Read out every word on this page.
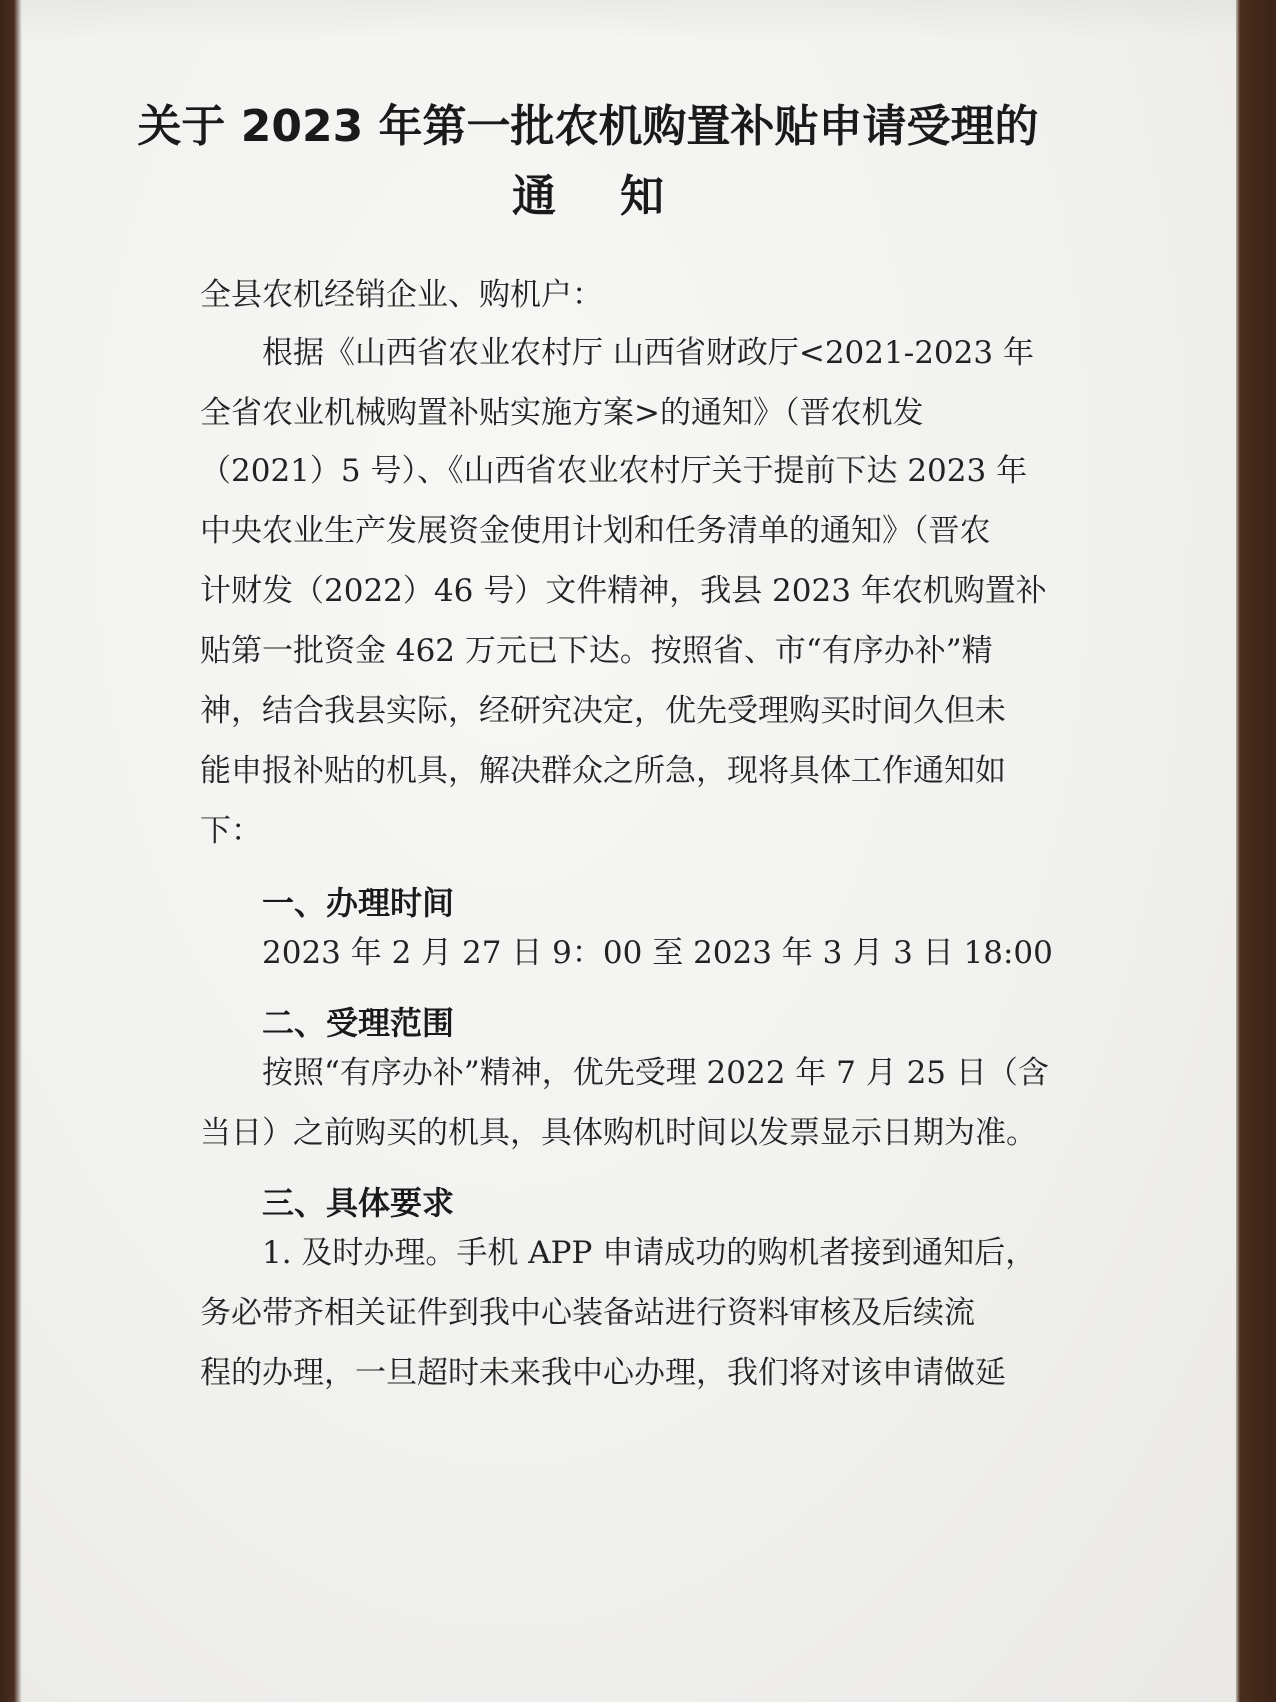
关于 2023 年第一批农机购置补贴申请受理的
通知
全县农机经销企业、购机户：
根据《山西省农业农村厅 山西省财政厅<2021-2023 年
全省农业机械购置补贴实施方案>的通知》（晋农机发
（2021）5 号）、《山西省农业农村厅关于提前下达 2023 年
中央农业生产发展资金使用计划和任务清单的通知》（晋农
计财发（2022）46 号）文件精神，我县 2023 年农机购置补
贴第一批资金 462 万元已下达。按照省、市“有序办补”精
神，结合我县实际，经研究决定，优先受理购买时间久但未
能申报补贴的机具，解决群众之所急，现将具体工作通知如
下：
一、办理时间
2023 年 2 月 27 日 9：00 至 2023 年 3 月 3 日 18:00
二、受理范围
按照“有序办补”精神，优先受理 2022 年 7 月 25 日（含
当日）之前购买的机具，具体购机时间以发票显示日期为准。
三、具体要求
1. 及时办理。手机 APP 申请成功的购机者接到通知后，
务必带齐相关证件到我中心装备站进行资料审核及后续流
程的办理，一旦超时未来我中心办理，我们将对该申请做延
